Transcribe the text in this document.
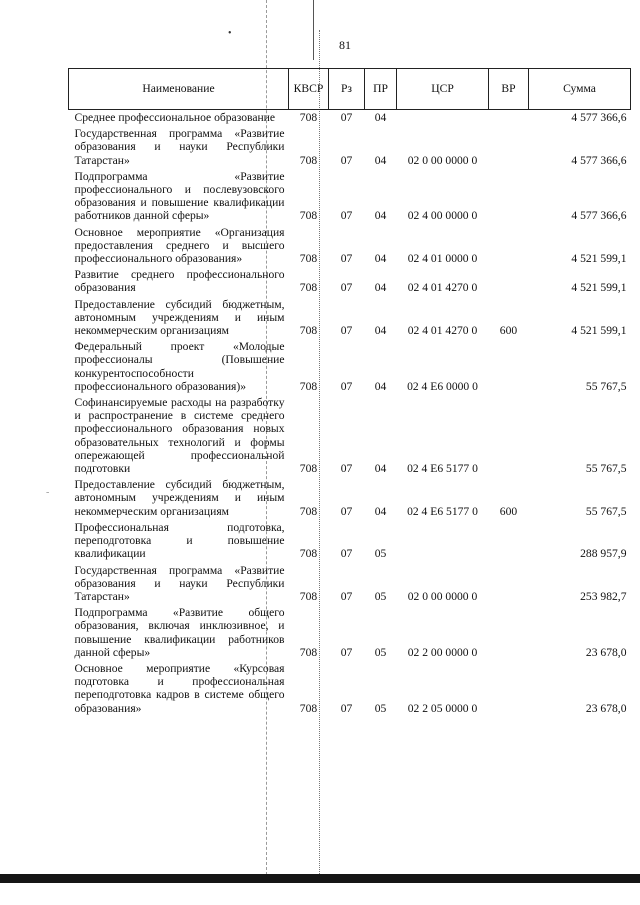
•
-
81
Наименование	КВСР	Рз	ПР	ЦСР	ВР	Сумма
Среднее профессиональное образование	708	07	04			4 577 366,6
Государственная программа «Развитие образования и науки Республики Татарстан»	708	07	04	02 0 00 0000 0		4 577 366,6
Подпрограмма «Развитие профессионального и послевузовского образования и повышение квалификации работников данной сферы»	708	07	04	02 4 00 0000 0		4 577 366,6
Основное мероприятие «Организация предоставления среднего и высшего профессионального образования»	708	07	04	02 4 01 0000 0		4 521 599,1
Развитие среднего профессионального образования	708	07	04	02 4 01 4270 0		4 521 599,1
Предоставление субсидий бюджетным, автономным учреждениям и иным некоммерческим организациям	708	07	04	02 4 01 4270 0	600	4 521 599,1
Федеральный проект «Молодые профессионалы (Повышение конкурентоспособности профессионального образования)»	708	07	04	02 4 Е6 0000 0		55 767,5
Софинансируемые расходы на разработку и распространение в системе среднего профессионального образования новых образовательных технологий и формы опережающей профессиональной подготовки	708	07	04	02 4 Е6 5177 0		55 767,5
Предоставление субсидий бюджетным, автономным учреждениям и иным некоммерческим организациям	708	07	04	02 4 Е6 5177 0	600	55 767,5
Профессиональная подготовка, переподготовка и повышение квалификации	708	07	05			288 957,9
Государственная программа «Развитие образования и науки Республики Татарстан»	708	07	05	02 0 00 0000 0		253 982,7
Подпрограмма «Развитие общего образования, включая инклюзивное, и повышение квалификации работников данной сферы»	708	07	05	02 2 00 0000 0		23 678,0
Основное мероприятие «Курсовая подготовка и профессиональная переподготовка кадров в системе общего образования»	708	07	05	02 2 05 0000 0		23 678,0
